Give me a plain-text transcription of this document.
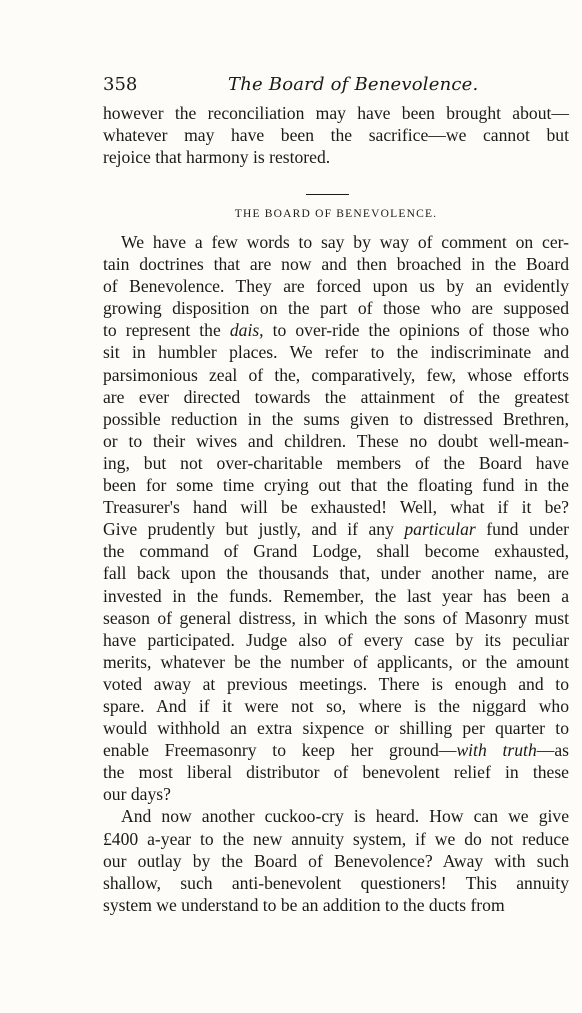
358	The Board of Benevolence.
however the reconciliation may have been brought about—
whatever may have been the sacrifice—we cannot but
rejoice that harmony is restored.
THE BOARD OF BENEVOLENCE.
We have a few words to say by way of comment on cer-
tain doctrines that are now and then broached in the Board
of Benevolence. They are forced upon us by an evidently
growing disposition on the part of those who are supposed
to represent the dais, to over-ride the opinions of those who
sit in humbler places. We refer to the indiscriminate and
parsimonious zeal of the, comparatively, few, whose efforts
are ever directed towards the attainment of the greatest
possible reduction in the sums given to distressed Brethren,
or to their wives and children. These no doubt well-mean-
ing, but not over-charitable members of the Board have
been for some time crying out that the floating fund in the
Treasurer's hand will be exhausted! Well, what if it be?
Give prudently but justly, and if any particular fund under
the command of Grand Lodge, shall become exhausted,
fall back upon the thousands that, under another name, are
invested in the funds. Remember, the last year has been a
season of general distress, in which the sons of Masonry must
have participated. Judge also of every case by its peculiar
merits, whatever be the number of applicants, or the amount
voted away at previous meetings. There is enough and to
spare. And if it were not so, where is the niggard who
would withhold an extra sixpence or shilling per quarter to
enable Freemasonry to keep her ground—with truth—as
the most liberal distributor of benevolent relief in these
our days?
And now another cuckoo-cry is heard. How can we give
£400 a-year to the new annuity system, if we do not reduce
our outlay by the Board of Benevolence? Away with such
shallow, such anti-benevolent questioners! This annuity
system we understand to be an addition to the ducts from
